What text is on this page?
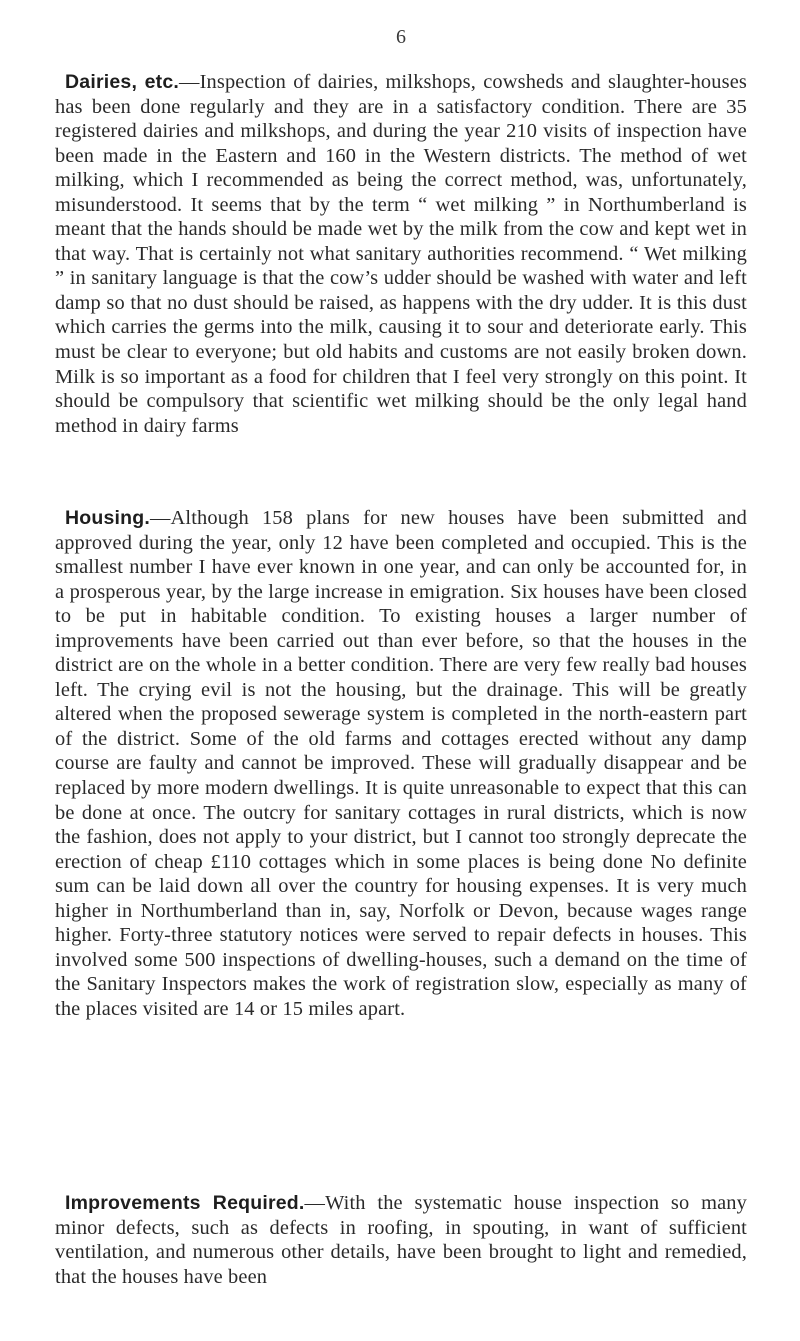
6

Dairies, etc.—Inspection of dairies, milkshops, cowsheds and slaughter-houses has been done regularly and they are in a satisfactory condition. There are 35 registered dairies and milkshops, and during the year 210 visits of inspection have been made in the Eastern and 160 in the Western districts. The method of wet milking, which I recommended as being the correct method, was, unfortunately, misunderstood. It seems that by the term “ wet milking ” in Northumberland is meant that the hands should be made wet by the milk from the cow and kept wet in that way. That is certainly not what sanitary authorities recommend. “ Wet milking ” in sanitary language is that the cow’s udder should be washed with water and left damp so that no dust should be raised, as happens with the dry udder. It is this dust which carries the germs into the milk, causing it to sour and deteriorate early. This must be clear to everyone; but old habits and customs are not easily broken down. Milk is so important as a food for children that I feel very strongly on this point. It should be compulsory that scientific wet milking should be the only legal hand method in dairy farms

Housing.—Although 158 plans for new houses have been submitted and approved during the year, only 12 have been completed and occupied. This is the smallest number I have ever known in one year, and can only be accounted for, in a prosperous year, by the large increase in emigration. Six houses have been closed to be put in habitable condition. To existing houses a larger number of improvements have been carried out than ever before, so that the houses in the district are on the whole in a better condition. There are very few really bad houses left. The crying evil is not the housing, but the drainage. This will be greatly altered when the proposed sewerage system is completed in the north-eastern part of the district. Some of the old farms and cottages erected without any damp course are faulty and cannot be improved. These will gradually disappear and be replaced by more modern dwellings. It is quite unreasonable to expect that this can be done at once. The outcry for sanitary cottages in rural districts, which is now the fashion, does not apply to your district, but I cannot too strongly deprecate the erection of cheap £110 cottages which in some places is being done No definite sum can be laid down all over the country for housing expenses. It is very much higher in Northumberland than in, say, Norfolk or Devon, because wages range higher. Forty-three statutory notices were served to repair defects in houses. This involved some 500 inspections of dwelling-houses, such a demand on the time of the Sanitary Inspectors makes the work of registration slow, especially as many of the places visited are 14 or 15 miles apart.

Improvements Required.—With the systematic house inspection so many minor defects, such as defects in roofing, in spouting, in want of sufficient ventilation, and numerous other details, have been brought to light and remedied, that the houses have been
